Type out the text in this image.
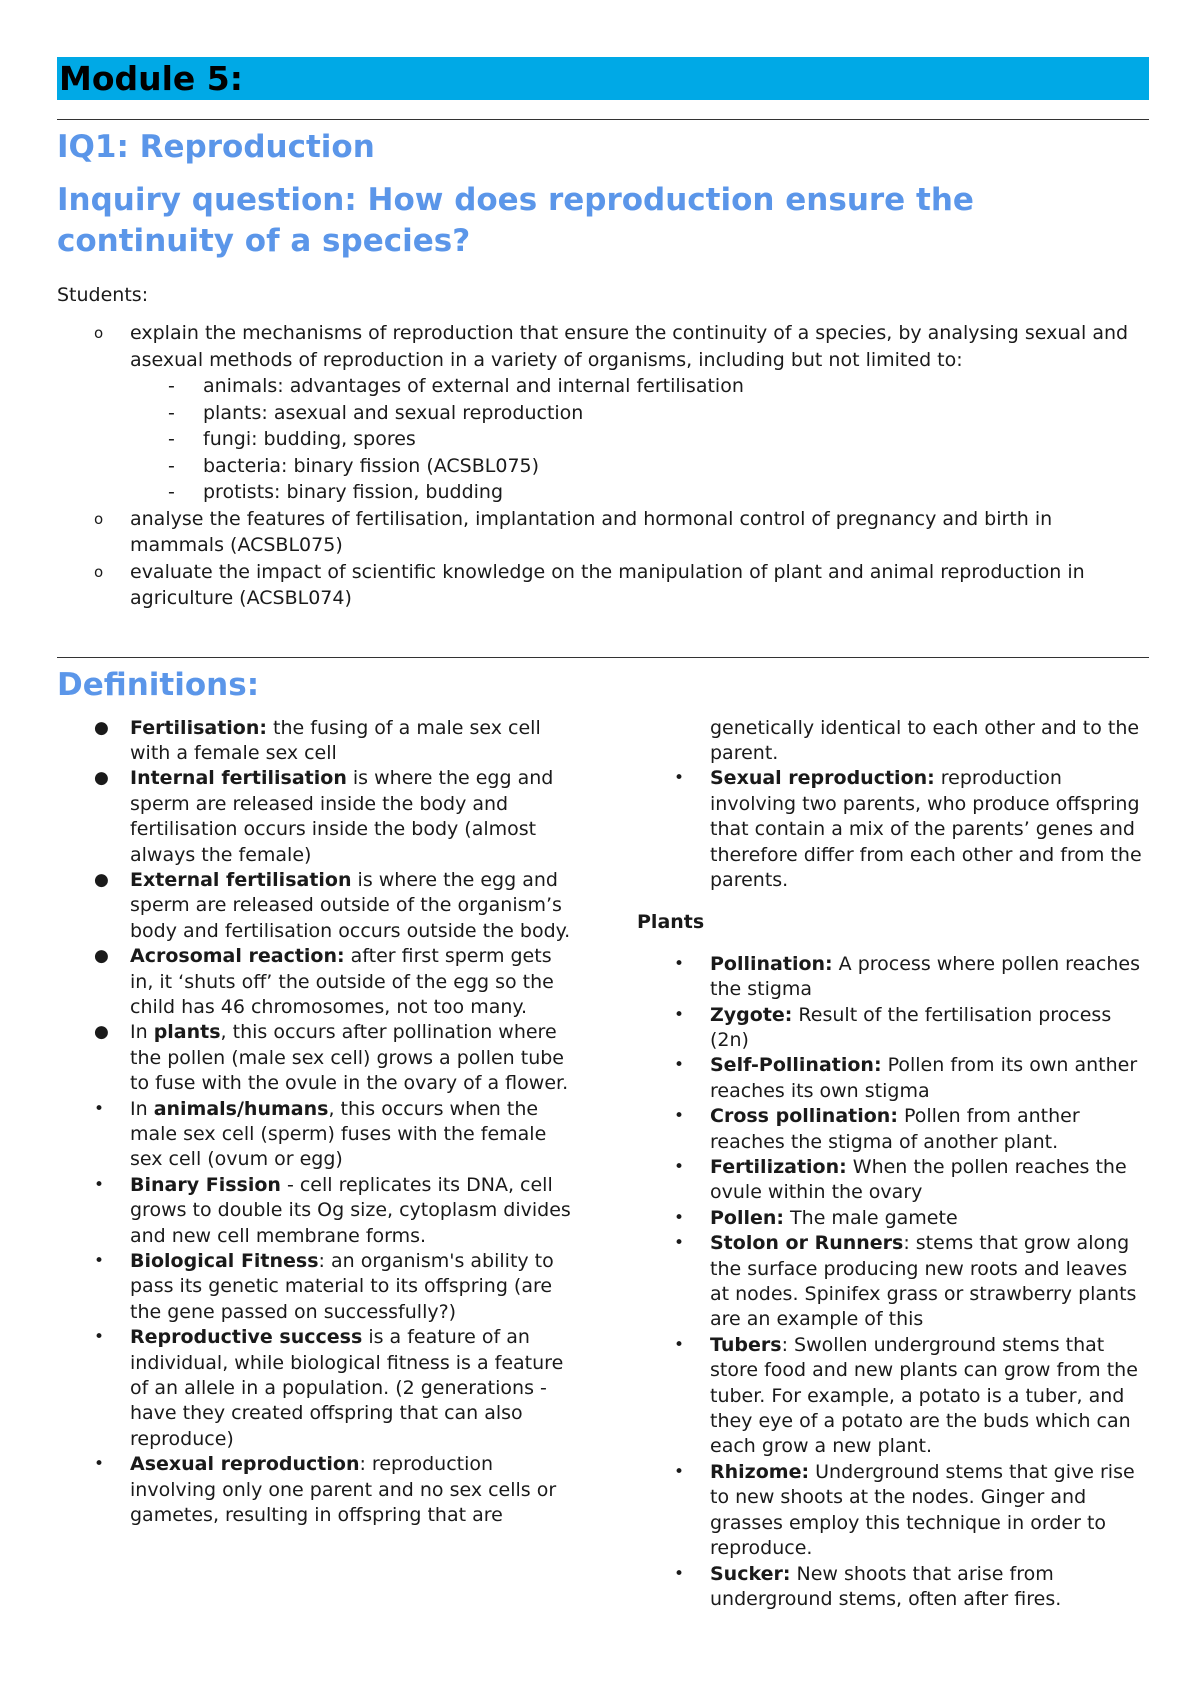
Module 5:
IQ1: Reproduction
Inquiry question: How does reproduction ensure the
continuity of a species?
Students:
o explain the mechanisms of reproduction that ensure the continuity of a species, by analysing sexual and asexual methods of reproduction in a variety of organisms, including but not limited to:
- animals: advantages of external and internal fertilisation
- plants: asexual and sexual reproduction
- fungi: budding, spores
- bacteria: binary fission (ACSBL075)
- protists: binary fission, budding
o analyse the features of fertilisation, implantation and hormonal control of pregnancy and birth in mammals (ACSBL075)
o evaluate the impact of scientific knowledge on the manipulation of plant and animal reproduction in agriculture (ACSBL074)
Definitions:
● Fertilisation: the fusing of a male sex cell with a female sex cell
● Internal fertilisation is where the egg and sperm are released inside the body and fertilisation occurs inside the body (almost always the female)
● External fertilisation is where the egg and sperm are released outside of the organism’s body and fertilisation occurs outside the body.
● Acrosomal reaction: after first sperm gets in, it ‘shuts off’ the outside of the egg so the child has 46 chromosomes, not too many.
● In plants, this occurs after pollination where the pollen (male sex cell) grows a pollen tube to fuse with the ovule in the ovary of a flower.
• In animals/humans, this occurs when the male sex cell (sperm) fuses with the female sex cell (ovum or egg)
• Binary Fission - cell replicates its DNA, cell grows to double its Og size, cytoplasm divides and new cell membrane forms.
• Biological Fitness: an organism's ability to pass its genetic material to its offspring (are the gene passed on successfully?)
• Reproductive success is a feature of an individual, while biological fitness is a feature of an allele in a population. (2 generations - have they created offspring that can also reproduce)
• Asexual reproduction: reproduction involving only one parent and no sex cells or gametes, resulting in offspring that are
genetically identical to each other and to the parent.
• Sexual reproduction: reproduction involving two parents, who produce offspring that contain a mix of the parents’ genes and therefore differ from each other and from the parents.
Plants
• Pollination: A process where pollen reaches the stigma
• Zygote: Result of the fertilisation process (2n)
• Self-Pollination: Pollen from its own anther reaches its own stigma
• Cross pollination: Pollen from anther reaches the stigma of another plant.
• Fertilization: When the pollen reaches the ovule within the ovary
• Pollen: The male gamete
• Stolon or Runners: stems that grow along the surface producing new roots and leaves at nodes. Spinifex grass or strawberry plants are an example of this
• Tubers: Swollen underground stems that store food and new plants can grow from the tuber. For example, a potato is a tuber, and they eye of a potato are the buds which can each grow a new plant.
• Rhizome: Underground stems that give rise to new shoots at the nodes. Ginger and grasses employ this technique in order to reproduce.
• Sucker: New shoots that arise from underground stems, often after fires.
